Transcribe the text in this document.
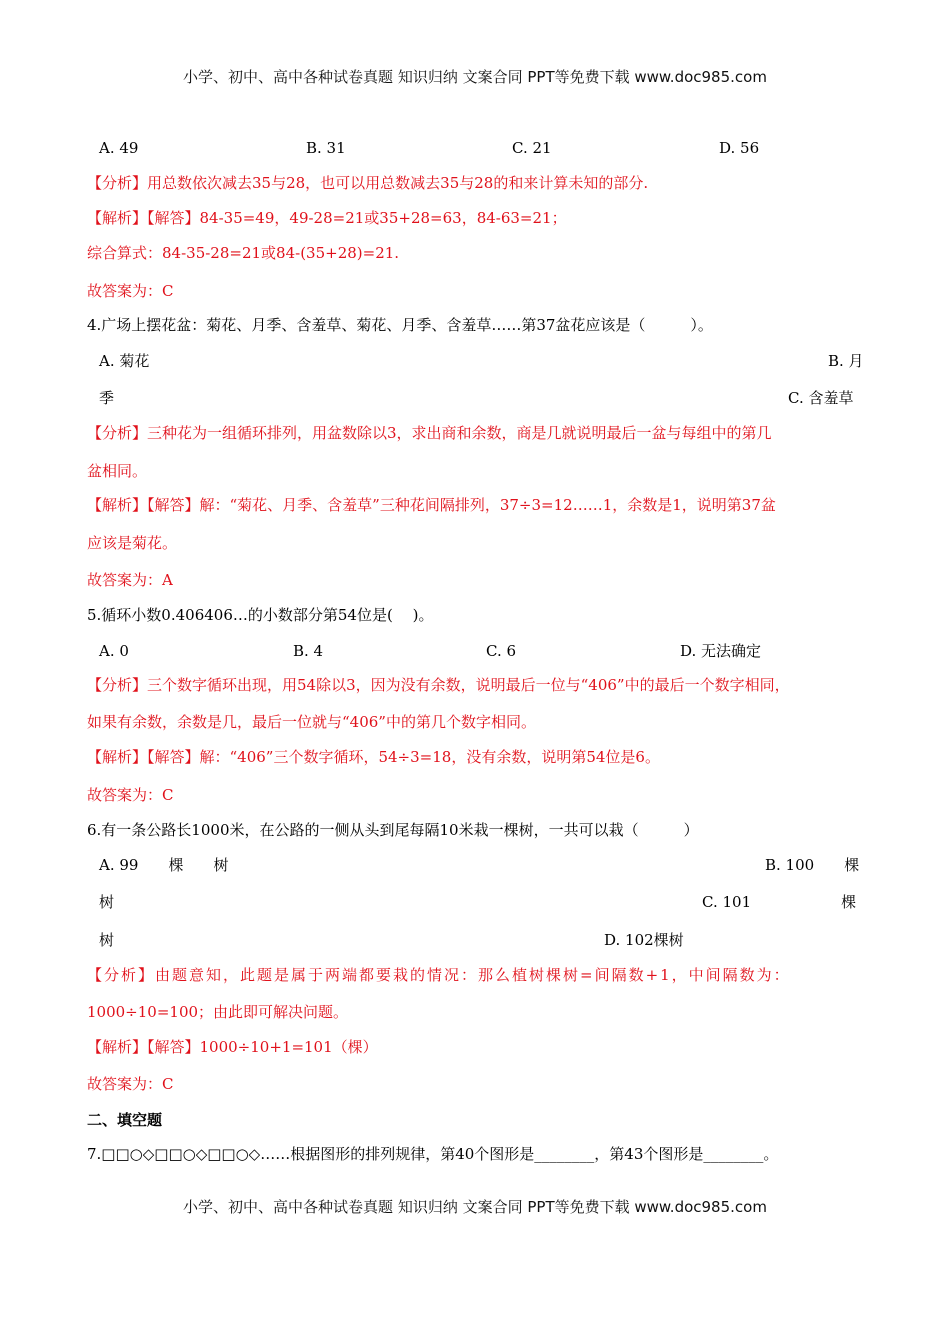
小学、初中、高中各种试卷真题 知识归纳 文案合同 PPT等免费下载 www.doc985.com
A. 49	B. 31	C. 21	D. 56
【分析】用总数依次减去35与28，也可以用总数减去35与28的和来计算未知的部分.
【解析】【解答】84-35=49，49-28=21或35+28=63，84-63=21；
综合算式：84-35-28=21或84-(35+28)=21.
故答案为：C
4.广场上摆花盆：菊花、月季、含羞草、菊花、月季、含羞草……第37盆花应该是（　　　）。
A. 菊花	B. 月
季	C. 含羞草
【分析】三种花为一组循环排列，用盆数除以3，求出商和余数，商是几就说明最后一盆与每组中的第几
盆相同。
【解析】【解答】解：“菊花、月季、含羞草”三种花间隔排列，37÷3=12……1，余数是1，说明第37盆
应该是菊花。
故答案为：A
5.循环小数0.406406…的小数部分第54位是(　 )。
A. 0	B. 4	C. 6	D. 无法确定
【分析】三个数字循环出现，用54除以3，因为没有余数，说明最后一位与“406”中的最后一个数字相同，
如果有余数，余数是几，最后一位就与“406”中的第几个数字相同。
【解析】【解答】解：“406”三个数字循环，54÷3=18，没有余数，说明第54位是6。
故答案为：C
6.有一条公路长1000米，在公路的一侧从头到尾每隔10米栽一棵树，一共可以栽（　　　）
A. 99　　棵　　树	B. 100　　棵
树	C. 101　　　　　　棵
树	D. 102棵树
【分析】由题意知，此题是属于两端都要栽的情况：那么植树棵树=间隔数+1，中间隔数为：
1000÷10=100；由此即可解决问题。
【解析】【解答】1000÷10+1=101（棵）
故答案为：C
二、填空题
7.□□○◇□□○◇□□○◇……根据图形的排列规律，第40个图形是________，第43个图形是________。
小学、初中、高中各种试卷真题 知识归纳 文案合同 PPT等免费下载 www.doc985.com
